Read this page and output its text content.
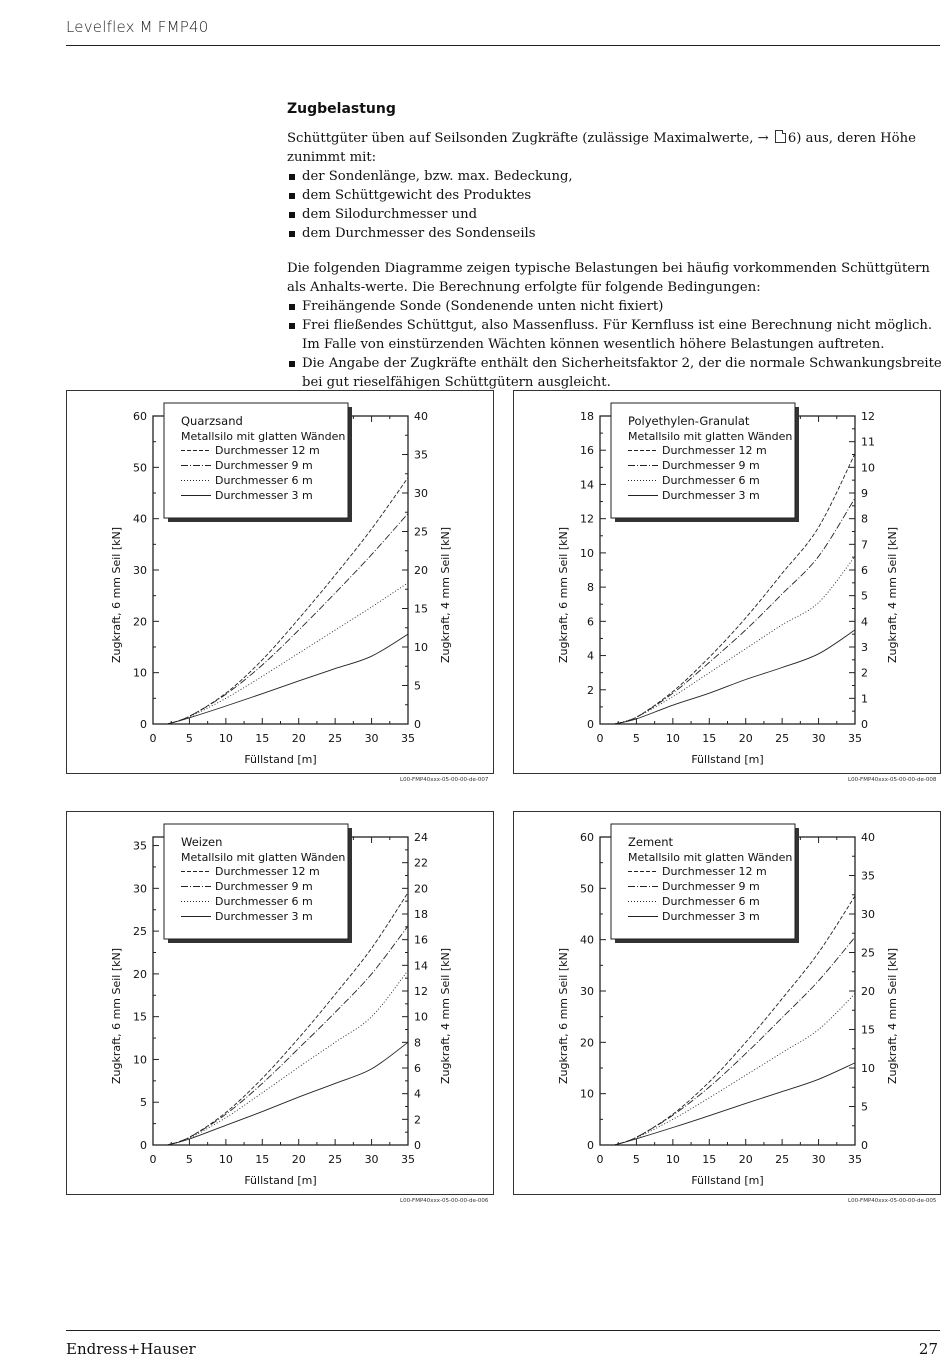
Levelflex M FMP40
Zugbelastung

Schüttgüter üben auf Seilsonden Zugkräfte (zulässige Maximalwerte, → 6) aus, deren Höhe zunimmt mit:

der Sondenlänge, bzw. max. Bedeckung,
dem Schüttgewicht des Produktes
dem Silodurchmesser und
dem Durchmesser des Sondenseils

Die folgenden Diagramme zeigen typische Belastungen bei häufig vorkommenden Schüttgütern als Anhalts-werte. Die Berechnung erfolgte für folgende Bedingungen:

Freihängende Sonde (Sondenende unten nicht fixiert)
Frei fließendes Schüttgut, also Massenfluss. Für Kernfluss ist eine Berechnung nicht möglich. Im Falle von einstürzenden Wächten können wesentlich höhere Belastungen auftreten.
Die Angabe der Zugkräfte enthält den Sicherheitsfaktor 2, der die normale Schwankungsbreite bei gut rieselfähigen Schüttgütern ausgleicht.
0	5 10 15 20 25 30 35
0
10
20
30
40
50
60
0
5
10
15
20
25
30
35
40
Füllstand [m]
Zugkraft, 6 mm Seil [kN]	Zugkraft, 4 mm Seil [kN]
Quarzsand
Metallsilo mit glatten Wänden
Durchmesser 12 m
Durchmesser 9 m
Durchmesser 6 m
Durchmesser 3 m
L00-FMP40xxx-05-00-00-de-007
0	5 10 15 20 25 30 35
0
2
4
6
8
10
12
14
16
18
0
1
2
3
4
5
6
7
8
9
10
11
12
Füllstand [m]
Zugkraft, 6 mm Seil [kN]	Zugkraft, 4 mm Seil [kN]
Polyethylen-Granulat
Metallsilo mit glatten Wänden
Durchmesser 12 m
Durchmesser 9 m
Durchmesser 6 m
Durchmesser 3 m
L00-FMP40xxx-05-00-00-de-008
0	5 10 15 20 25 30 35
0
5
10
15
20
25
30
35
0
2
4
6
8
10
12
14
16
18
20
22
24
Füllstand [m]
Zugkraft, 6 mm Seil [kN]	Zugkraft, 4 mm Seil [kN]
Weizen
Metallsilo mit glatten Wänden
Durchmesser 12 m
Durchmesser 9 m
Durchmesser 6 m
Durchmesser 3 m
L00-FMP40xxx-05-00-00-de-006
0	5 10 15 20 25 30 35
0
10
20
30
40
50
60
0
5
10
15
20
25
30
35
40
Füllstand [m]
Zugkraft, 6 mm Seil [kN]	Zugkraft, 4 mm Seil [kN]
Zement
Metallsilo mit glatten Wänden
Durchmesser 12 m
Durchmesser 9 m
Durchmesser 6 m
Durchmesser 3 m
L00-FMP40xxx-05-00-00-de-005
Endress+Hauser	27
